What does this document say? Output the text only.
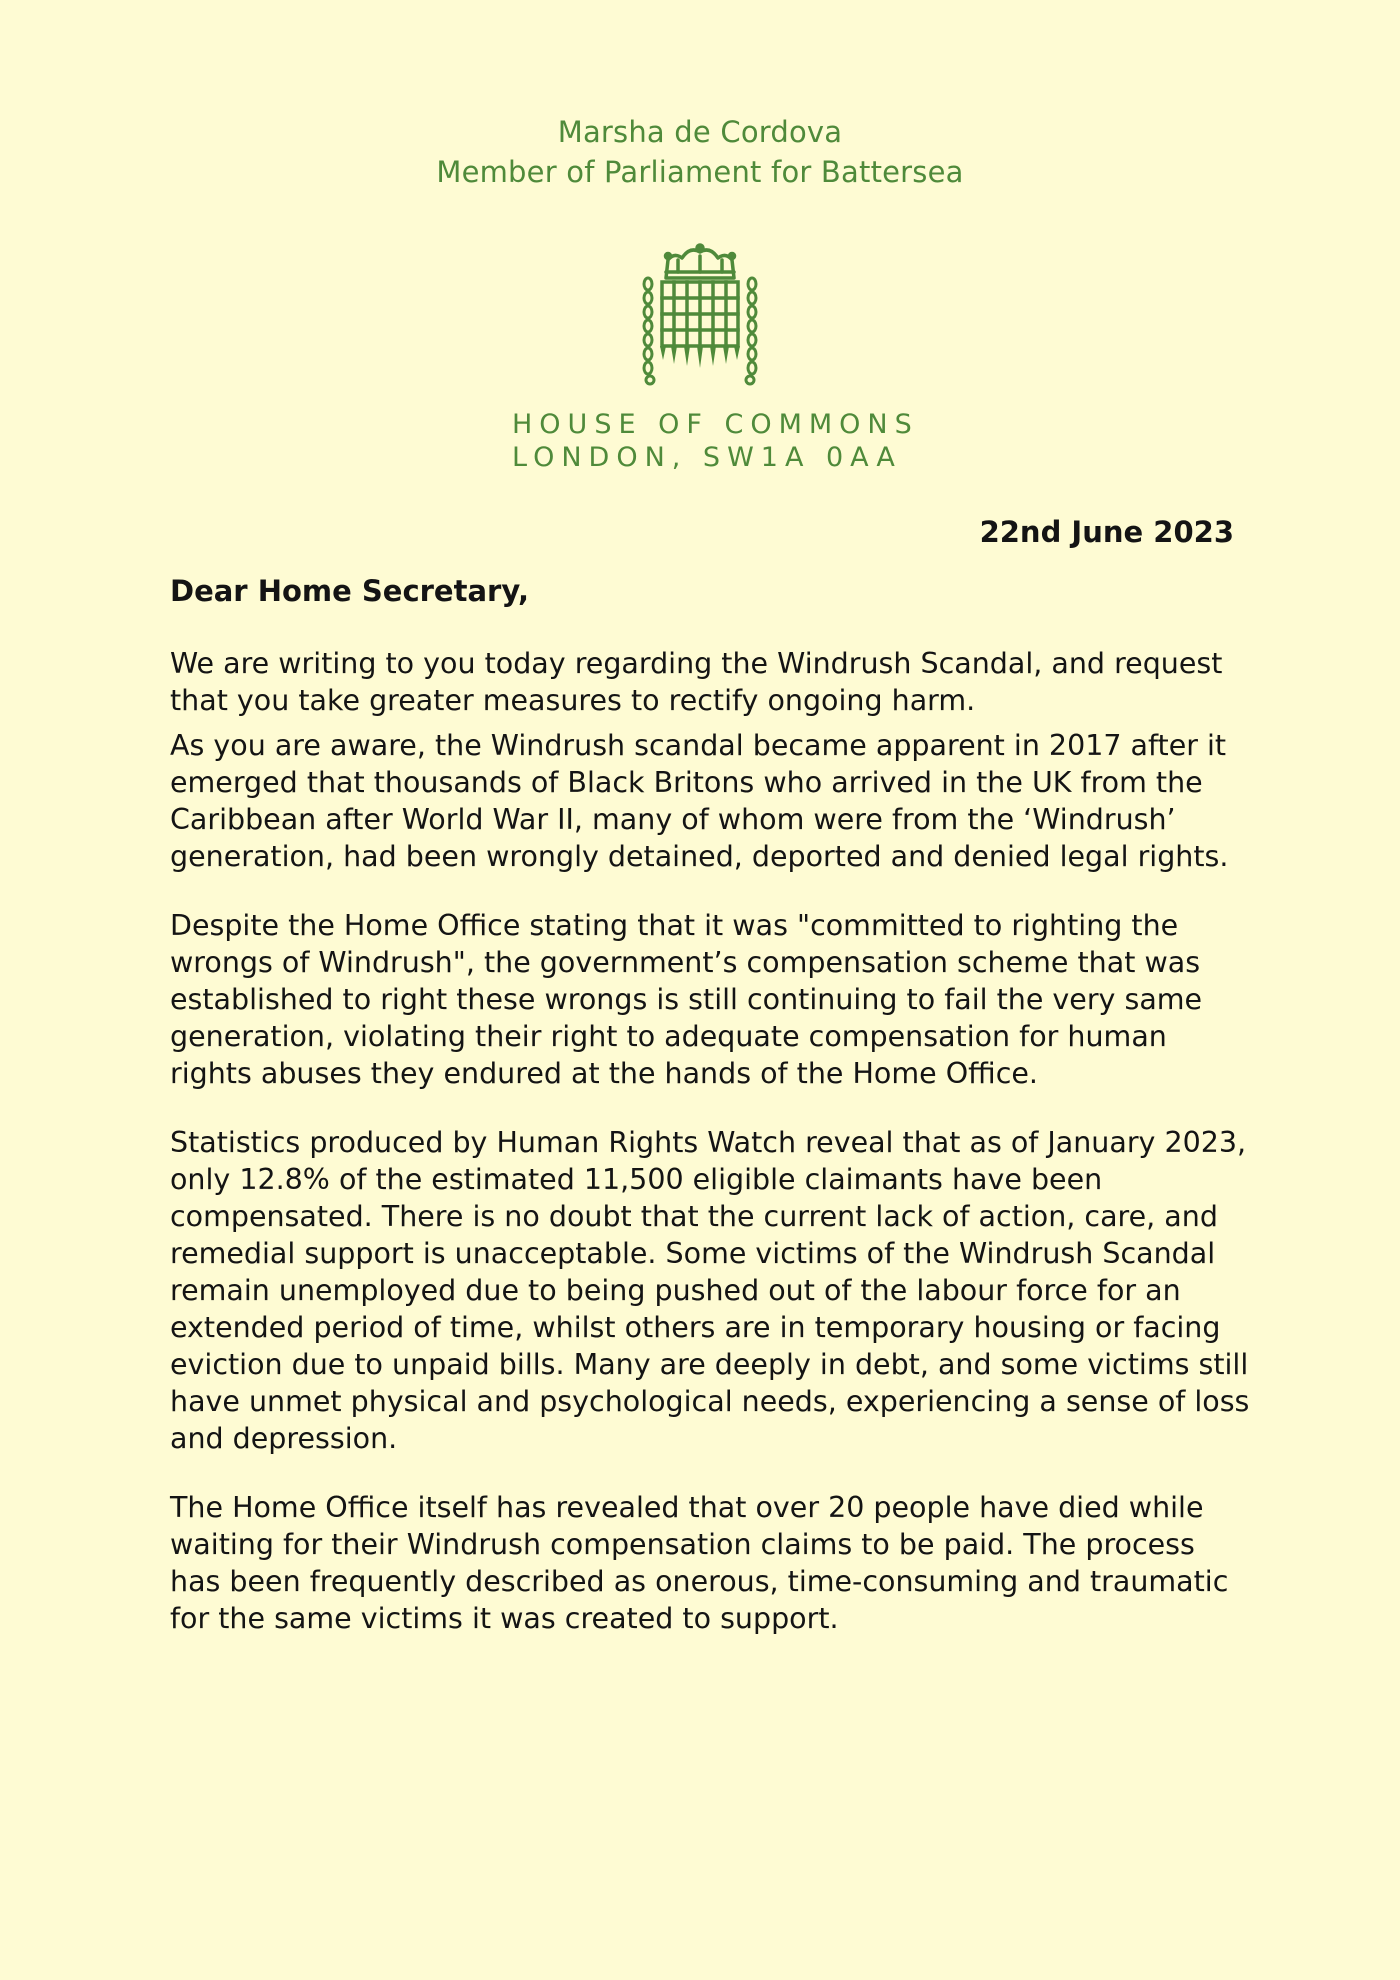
Marsha de Cordova
Member of Parliament for Battersea
HOUSE OF COMMONS
LONDON, SW1A 0AA
22nd June 2023
Dear Home Secretary,

We are writing to you today regarding the Windrush Scandal, and request that you take greater measures to rectify ongoing harm.

As you are aware, the Windrush scandal became apparent in 2017 after it emerged that thousands of Black Britons who arrived in the UK from the Caribbean after World War II, many of whom were from the ‘Windrush’ generation, had been wrongly detained, deported and denied legal rights.

Despite the Home Office stating that it was "committed to righting the wrongs of Windrush", the government’s compensation scheme that was established to right these wrongs is still continuing to fail the very same generation, violating their right to adequate compensation for human rights abuses they endured at the hands of the Home Office.

Statistics produced by Human Rights Watch reveal that as of January 2023, only 12.8% of the estimated 11,500 eligible claimants have been compensated. There is no doubt that the current lack of action, care, and remedial support is unacceptable. Some victims of the Windrush Scandal remain unemployed due to being pushed out of the labour force for an extended period of time, whilst others are in temporary housing or facing eviction due to unpaid bills. Many are deeply in debt, and some victims still have unmet physical and psychological needs, experiencing a sense of loss and depression.

The Home Office itself has revealed that over 20 people have died while waiting for their Windrush compensation claims to be paid. The process has been frequently described as onerous, time-consuming and traumatic for the same victims it was created to support.
